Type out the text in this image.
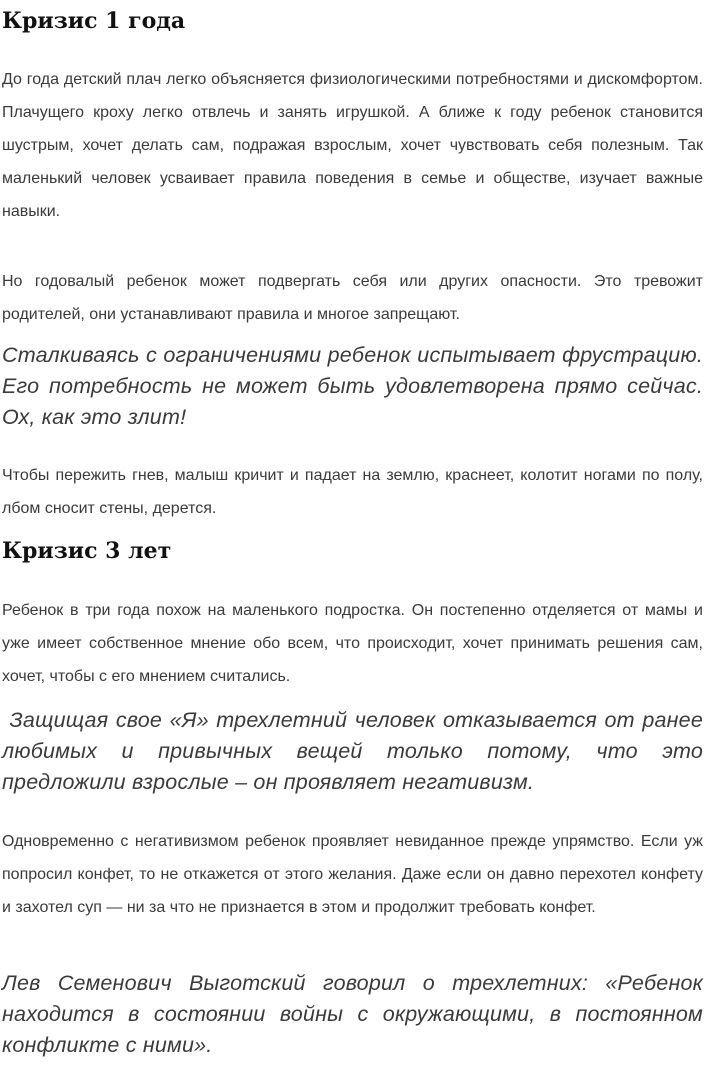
Кризис 1 года

До года детский плач легко объясняется физиологическими потребностями и дискомфортом. Плачущего кроху легко отвлечь и занять игрушкой. А ближе к году ребенок становится шустрым, хочет делать сам, подражая взрослым, хочет чувствовать себя полезным. Так маленький человек усваивает правила поведения в семье и обществе, изучает важные навыки.

Но годовалый ребенок может подвергать себя или других опасности. Это тревожит родителей, они устанавливают правила и многое запрещают.

Сталкиваясь с ограничениями ребенок испытывает фрустрацию. Его потребность не может быть удовлетворена прямо сейчас. Ох, как это злит!

Чтобы пережить гнев, малыш кричит и падает на землю, краснеет, колотит ногами по полу, лбом сносит стены, дерется.

Кризис 3 лет

Ребенок в три года похож на маленького подростка. Он постепенно отделяется от мамы и уже имеет собственное мнение обо всем, что происходит, хочет принимать решения сам, хочет, чтобы с его мнением считались.

Защищая свое «Я» трехлетний человек отказывается от ранее любимых и привычных вещей только потому, что это предложили взрослые – он проявляет негативизм.

Одновременно с негативизмом ребенок проявляет невиданное прежде упрямство. Если уж попросил конфет, то не откажется от этого желания. Даже если он давно перехотел конфету и захотел суп — ни за что не признается в этом и продолжит требовать конфет.

Лев Семенович Выготский говорил о трехлетних: «Ребенок находится в состоянии войны с окружающими, в постоянном конфликте с ними».
